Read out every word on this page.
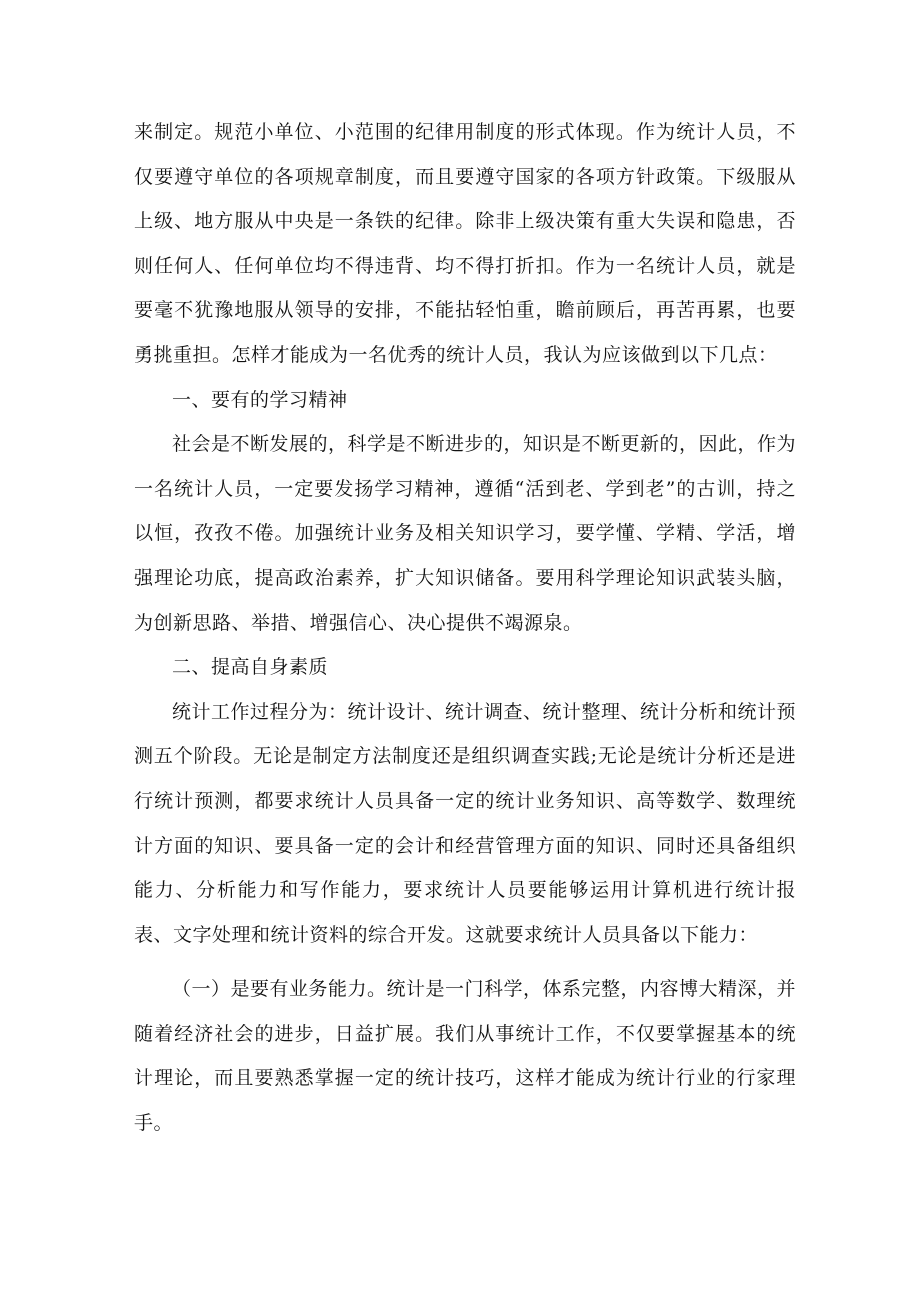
来制定。规范小单位、小范围的纪律用制度的形式体现。作为统计人员，不仅要遵守单位的各项规章制度，而且要遵守国家的各项方针政策。下级服从上级、地方服从中央是一条铁的纪律。除非上级决策有重大失误和隐患，否则任何人、任何单位均不得违背、均不得打折扣。作为一名统计人员，就是要毫不犹豫地服从领导的安排，不能拈轻怕重，瞻前顾后，再苦再累，也要勇挑重担。怎样才能成为一名优秀的统计人员，我认为应该做到以下几点：

一、要有的学习精神

社会是不断发展的，科学是不断进步的，知识是不断更新的，因此，作为一名统计人员，一定要发扬学习精神，遵循“活到老、学到老”的古训，持之以恒，孜孜不倦。加强统计业务及相关知识学习，要学懂、学精、学活，增强理论功底，提高政治素养，扩大知识储备。要用科学理论知识武装头脑，为创新思路、举措、增强信心、决心提供不竭源泉。

二、提高自身素质

统计工作过程分为：统计设计、统计调查、统计整理、统计分析和统计预测五个阶段。无论是制定方法制度还是组织调查实践;无论是统计分析还是进行统计预测，都要求统计人员具备一定的统计业务知识、高等数学、数理统计方面的知识、要具备一定的会计和经营管理方面的知识、同时还具备组织能力、分析能力和写作能力，要求统计人员要能够运用计算机进行统计报表、文字处理和统计资料的综合开发。这就要求统计人员具备以下能力：

（一）是要有业务能力。统计是一门科学，体系完整，内容博大精深，并随着经济社会的进步，日益扩展。我们从事统计工作，不仅要掌握基本的统计理论，而且要熟悉掌握一定的统计技巧，这样才能成为统计行业的行家理手。
